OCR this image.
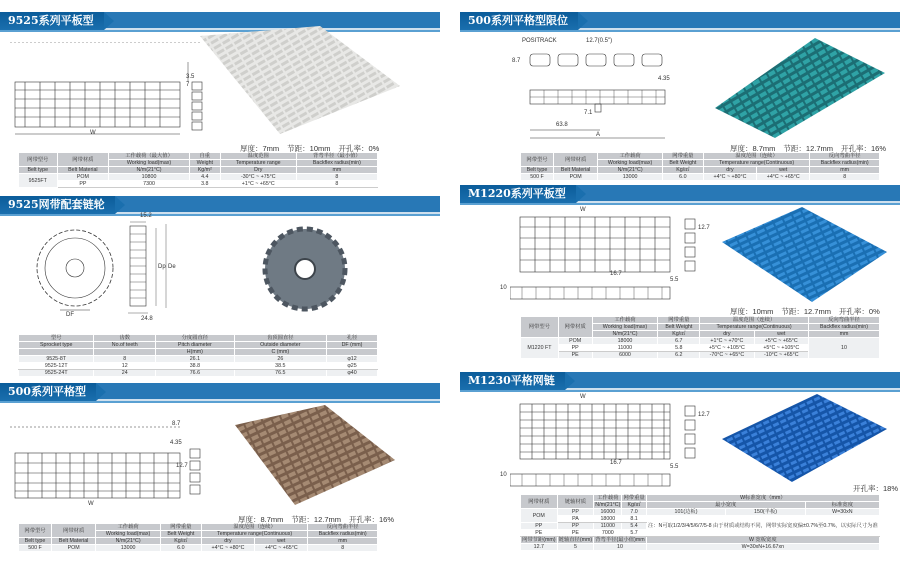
9525系列平板型
3.5
7
W
厚度：7mm 节距：10mm 开孔率：0%
网带型号	网带材质	工作载荷（最大值）	自重	温度范围	背弯半径（最小值）
		Working load(max)	Weight	Temperature range	Backflex radius(min)
Belt type	Belt Material	N/m(21°C)	Kg/m²	Dry	mm
9525FT	POM	10800	4.4	-30°C ~ +75°C	8
	PP	7300	3.8	+1°C ~ +65°C	8
9525网带配套链轮
15.2
24.8
Dp De
DF
型号	齿数	分度圆直径	齿顶圆直径	孔径
Sprocket type	No.of teeth	Pitch diameter	Outside diameter	DF (mm)
		H(mm)	C (mm)	
9525-8T	8	26.1	26	φ12
9525-12T	12	38.8	38.5	φ25
9525-24T	24	76.6	76.5	φ40
500系列平格型
4.35
12.7
8.7
W
厚度：8.7mm 节距：12.7mm 开孔率：16%
网带型号	网带材质	工作载荷	网带重量	温度范围（连续）		反向弯曲半径
		Working load(max)	Belt Weight	Temperature range(Continuous)		Backflex radius(min)
Belt type	Belt Material	N/m(21°C)	Kg/㎡	dry	wet	mm
500 F	POM	13000	6.0	+4°C ~ +80°C	+4°C ~ +65°C	8
500系列平格型限位
POSITRACK	12.7(0.5")
8.7
4.35
7.1
63.8
A
厚度：8.7mm 节距：12.7mm 开孔率：16%
网带型号	网带材质	工作载荷	网带重量	温度范围（连续）		反向弯曲半径
		Working load(max)	Belt Weight	Temperature range(Continuous)		Backflex radius(min)
Belt type	Belt Material	N/m(21°C)	Kg/㎡	dry	wet	mm
500 F	POM	13000	6.0	+4°C ~ +80°C	+4°C ~ +65°C	8
M1220系列平板型
W
16.7
12.7
5.5
10
厚度：10mm 节距：12.7mm 开孔率：0%
网带型号	网带材质	工作载荷	网带重量	温度范围（连续）		反向弯曲半径
		Working load(max)	Belt Weight	Temperature range(Continuous)		Backflex radius(min)
		N/m(21°C)	Kg/㎡	dry	wet	mm
M1220 FT	POM	18000	6.7	+1°C ~ +70°C	+5°C ~ +65°C	10
	PP	11000	5.8	+5°C ~ +105°C	+5°C ~ +105°C	
	PE	6000	6.2	-70°C ~ +65°C	-10°C ~ +65°C	
M1230平格网链
W
16.7
12.7
5.5
10
开孔率：18%
网带材质	链轴材质	工作载荷	网带重量	W标准宽度（mm）		
		N/m(21°C)	Kg/㎡	最小宽度		标准宽度
POM	PP	16000	7.0	101(边板)	150(半板)	W=30xN
	PA	18000	8.1	注：N可取1/2/3/4/5/6/7/5-8 由于材质或结构不同，网带实际宽度偏±0.7%至0.7%，以实际尺寸为准		
PP	PP	11000	5.4			
PE	PE	7000	5.7			
网带节距(mm)	链轴直径(mm)	背弯半径(最小值)mm		W 宽板宽度		
12.7	5	10		W=30xN+16.67xn		
